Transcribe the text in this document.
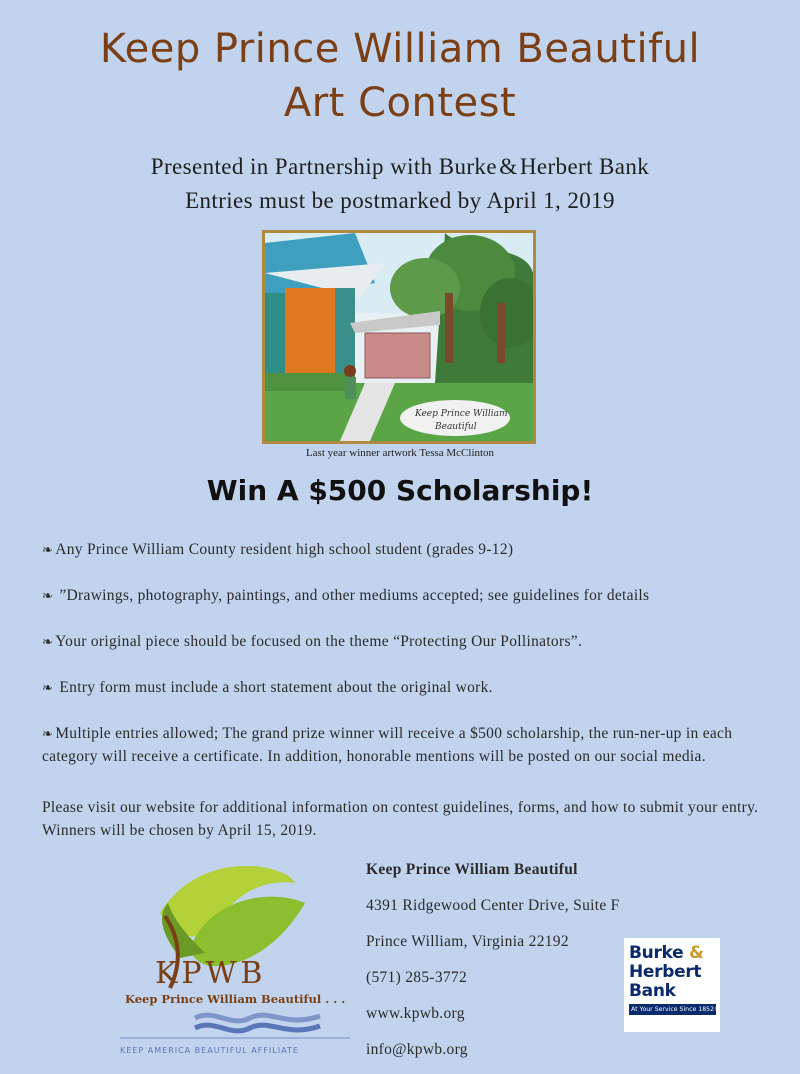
Keep Prince William Beautiful
Art Contest
Presented in Partnership with Burke & Herbert Bank
Entries must be postmarked by April 1, 2019
Keep Prince William
Beautiful
Last year winner artwork Tessa McClinton
Win A $500 Scholarship!
❧ Any Prince William County resident high school student (grades 9-12)
❧ ”Drawings, photography, paintings, and other mediums accepted; see guidelines for details
❧ Your original piece should be focused on the theme “Protecting Our Pollinators”.
❧ Entry form must include a short statement about the original work.
❧ Multiple entries allowed; The grand prize winner will receive a $500 scholarship, the run-ner-up in each category will receive a certificate. In addition, honorable mentions will be posted on our social media.
Please visit our website for additional information on contest guidelines, forms, and how to submit your entry. Winners will be chosen by April 15, 2019.
KPWB
Keep Prince William Beautiful . . .
KEEP AMERICA BEAUTIFUL AFFILIATE
Keep Prince William Beautiful
4391 Ridgewood Center Drive, Suite F
Prince William, Virginia 22192
(571) 285-3772
www.kpwb.org
info@kpwb.org
Burke &
Herbert
Bank
At Your Service Since 1852®
